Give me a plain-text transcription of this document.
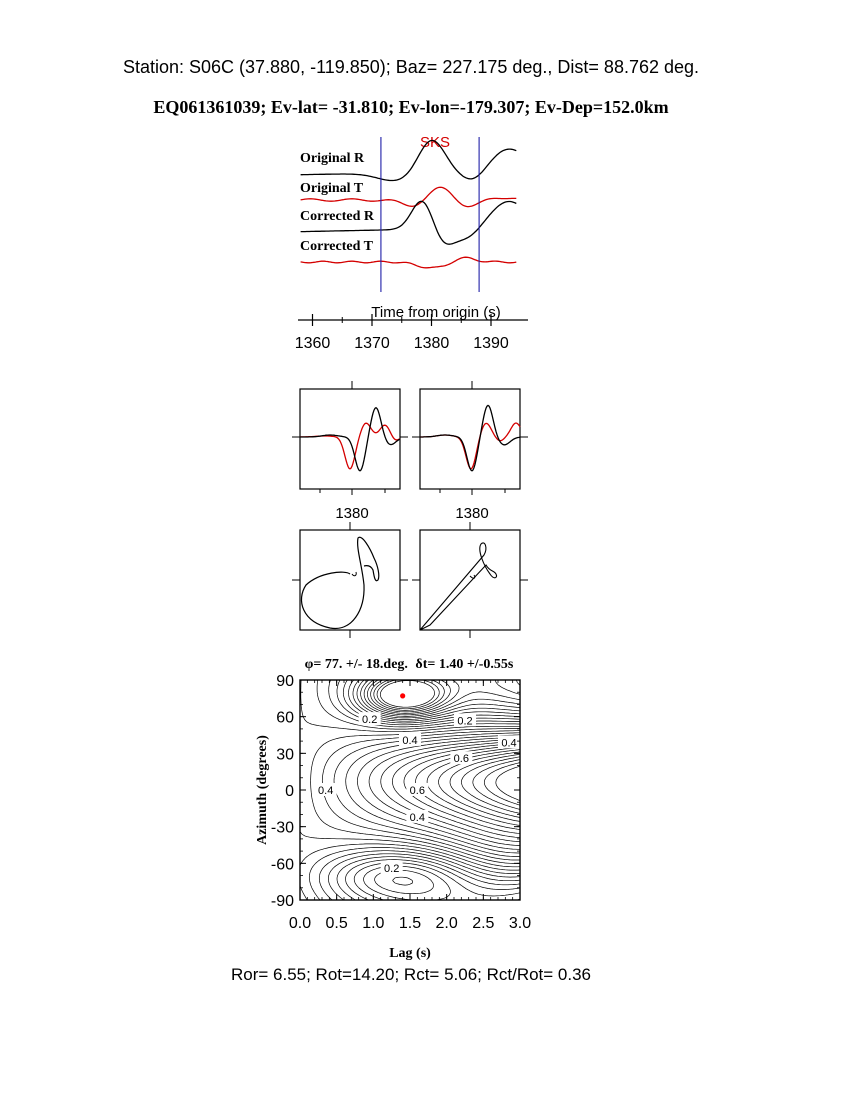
Station: S06C (37.880, -119.850); Baz= 227.175 deg., Dist= 88.762 deg.
EQ061361039; Ev-lat= -31.810; Ev-lon=-179.307; Ev-Dep=152.0km
Original R
Original T
Corrected R
Corrected T
SKS
1360 1370 1380 1390
Time from origin (s)
1380	1380
φ= 77. +/- 18.deg. δt= 1.40 +/-0.55s
0.2	0.2
0.4	0.4
0.6
0.6
0.4
0.4
0.2
0.0 0.5 1.0 1.5 2.0 2.5 3.0
90
60
30
0
-30
-60
-90
Lag (s)
Azimuth (degrees)
Ror= 6.55; Rot=14.20; Rct= 5.06; Rct/Rot= 0.36
